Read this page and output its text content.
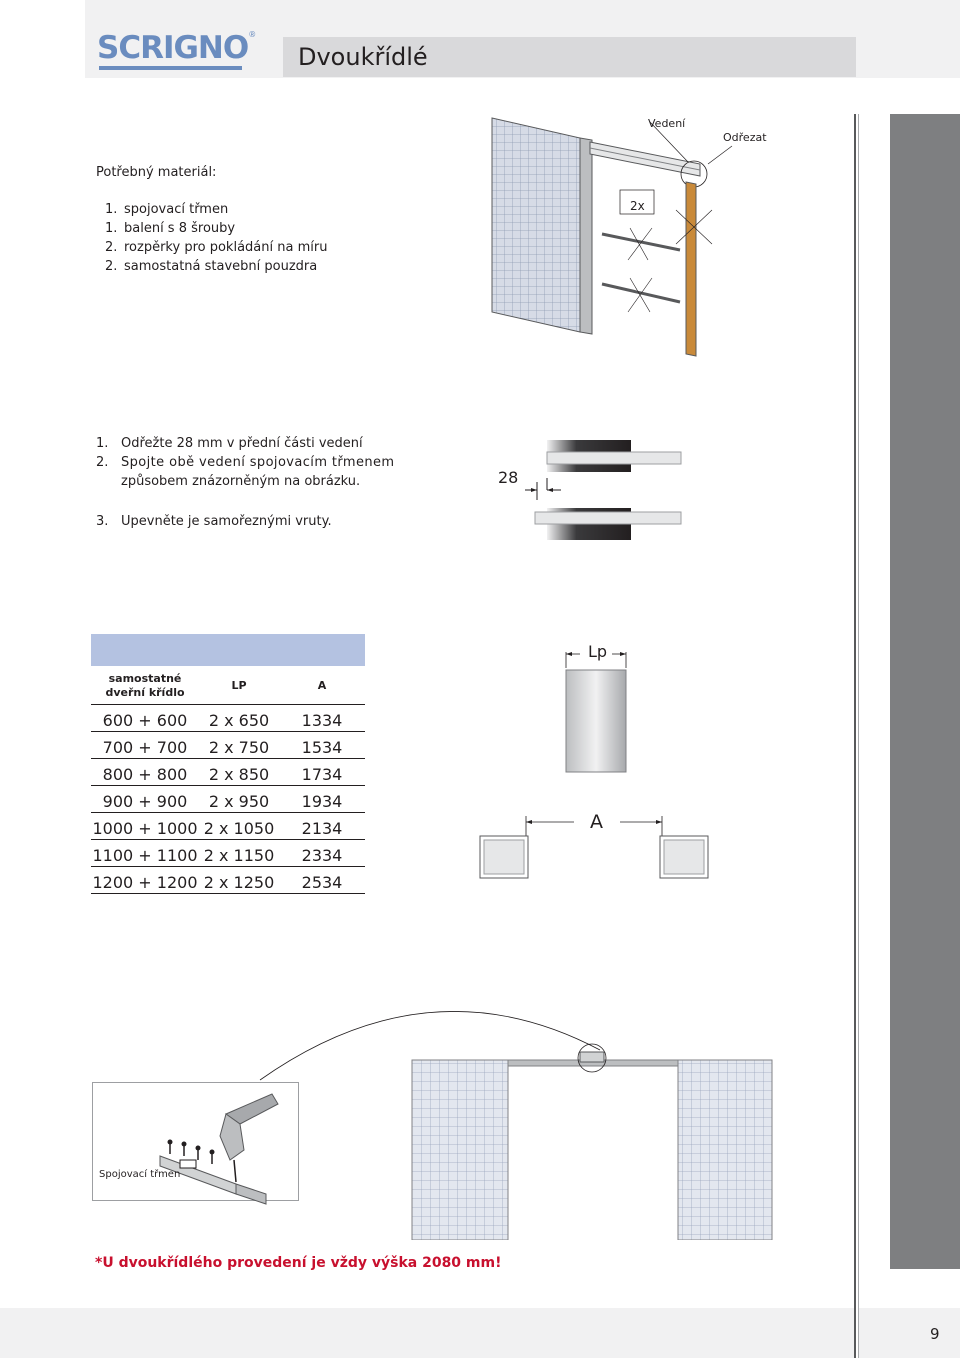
SCRIGNO®
Dvoukřídlé
Potřebný materiál:
1. spojovací třmen
1. balení s 8 šrouby
2. rozpěrky pro pokládání na míru
2. samostatná stavební pouzdra
Vedení
Odřezat
2x
1. Odřežte 28 mm v přední části vedení
2. Spojte obě vedení spojovacím třmenem
způsobem znázorněným na obrázku.
3. Upevněte je samořeznými vruty.
28
samostatné
dveřní křídlo
LP	A
600 + 600	2 x 650	1334
700 + 700	2 x 750	1534
800 + 800	2 x 850	1734
900 + 900	2 x 950	1934
1000 + 1000 2 x 1050	2134
1100 + 1100 2 x 1150	2334
1200 + 1200 2 x 1250	2534
Lp
A
Spojovací třmen
*U dvoukřídlého provedení je vždy výška 2080 mm!
9
